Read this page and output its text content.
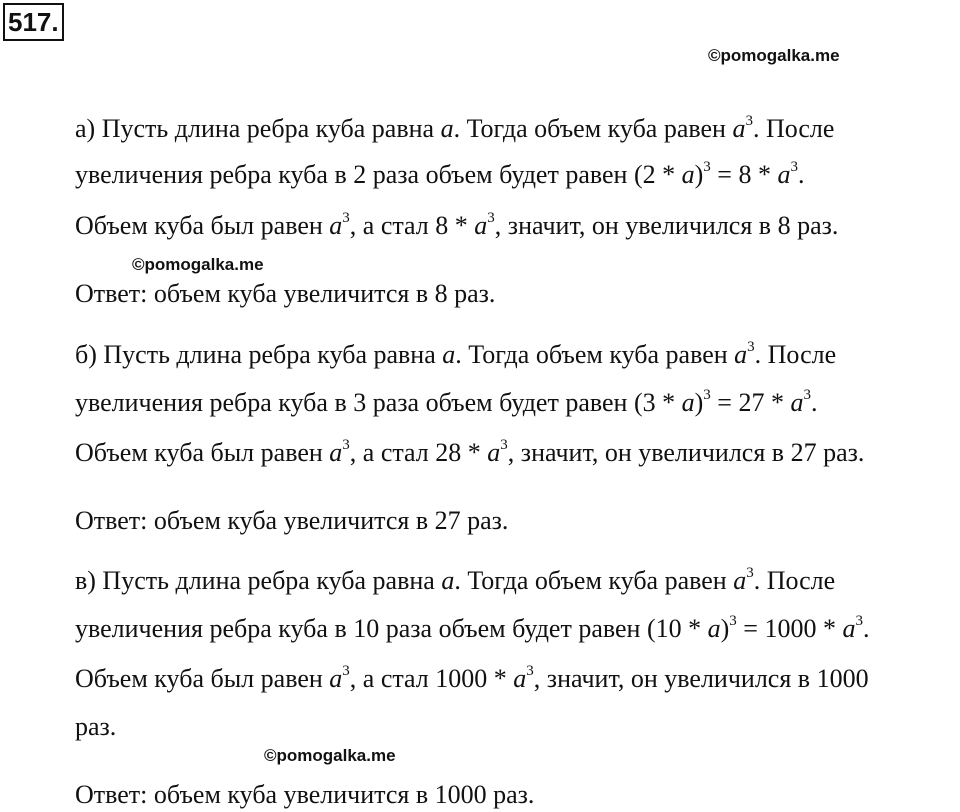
517.
©pomogalka.me
©pomogalka.me
©pomogalka.me
а) Пусть длина ребра куба равна a. Тогда объем куба равен $a^3$. После
увеличения ребра куба в 2 раза объем будет равен $(2 * a)^3 = 8 * a^3$.
Объем куба был равен $a^3$, а стал $8 * a^3$, значит, он увеличился в 8 раз.
Ответ: объем куба увеличится в 8 раз.
б) Пусть длина ребра куба равна a. Тогда объем куба равен $a^3$. После
увеличения ребра куба в 3 раза объем будет равен $(3 * a)^3 = 27 * a^3$.
Объем куба был равен $a^3$, а стал $28 * a^3$, значит, он увеличился в 27 раз.
Ответ: объем куба увеличится в 27 раз.
в) Пусть длина ребра куба равна a. Тогда объем куба равен $a^3$. После
увеличения ребра куба в 10 раза объем будет равен $(10 * a)^3 = 1000 * a^3$.
Объем куба был равен $a^3$, а стал $1000 * a^3$, значит, он увеличился в 1000
раз.
Ответ: объем куба увеличится в 1000 раз.
